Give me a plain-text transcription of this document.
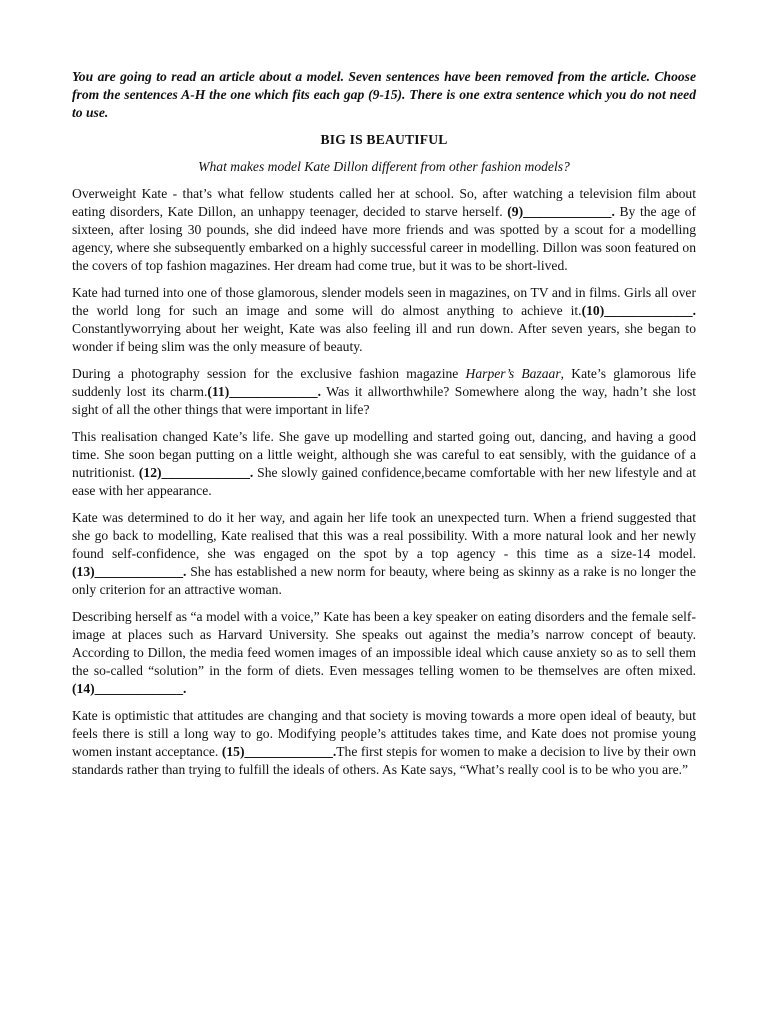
You are going to read an article about a model. Seven sentences have been removed from the article. Choose from the sentences A-H the one which fits each gap (9-15). There is one extra sentence which you do not need to use.

BIG IS BEAUTIFUL

What makes model Kate Dillon different from other fashion models?

Overweight Kate - that’s what fellow students called her at school. So, after watching a television film about eating disorders, Kate Dillon, an unhappy teenager, decided to starve herself. (9)_____________. By the age of sixteen, after losing 30 pounds, she did indeed have more friends and was spotted by a scout for a modelling agency, where she subsequently embarked on a highly successful career in modelling. Dillon was soon featured on the covers of top fashion magazines. Her dream had come true, but it was to be short-lived.

Kate had turned into one of those glamorous, slender models seen in magazines, on TV and in films. Girls all over the world long for such an image and some will do almost anything to achieve it.(10)_____________. Constantlyworrying about her weight, Kate was also feeling ill and run down. After seven years, she began to wonder if being slim was the only measure of beauty.

During a photography session for the exclusive fashion magazine Harper’s Bazaar, Kate’s glamorous life suddenly lost its charm.(11)_____________. Was it allworthwhile? Somewhere along the way, hadn’t she lost sight of all the other things that were important in life?

This realisation changed Kate’s life. She gave up modelling and started going out, dancing, and having a good time. She soon began putting on a little weight, although she was careful to eat sensibly, with the guidance of a nutritionist. (12)_____________. She slowly gained confidence,became comfortable with her new lifestyle and at ease with her appearance.

Kate was determined to do it her way, and again her life took an unexpected turn. When a friend suggested that she go back to modelling, Kate realised that this was a real possibility. With a more natural look and her newly found self-confidence, she was engaged on the spot by a top agency - this time as a size-14 model.(13)_____________. She has established a new norm for beauty, where being as skinny as a rake is no longer the only criterion for an attractive woman.

Describing herself as “a model with a voice,” Kate has been a key speaker on eating disorders and the female self-image at places such as Harvard University. She speaks out against the media’s narrow concept of beauty. According to Dillon, the media feed women images of an impossible ideal which cause anxiety so as to sell them the so-called “solution” in the form of diets. Even messages telling women to be themselves are often mixed.(14)_____________.

Kate is optimistic that attitudes are changing and that society is moving towards a more open ideal of beauty, but feels there is still a long way to go. Modifying people’s attitudes takes time, and Kate does not promise young women instant acceptance. (15)_____________.The first stepis for women to make a decision to live by their own standards rather than trying to fulfill the ideals of others. As Kate says, “What’s really cool is to be who you are.”
